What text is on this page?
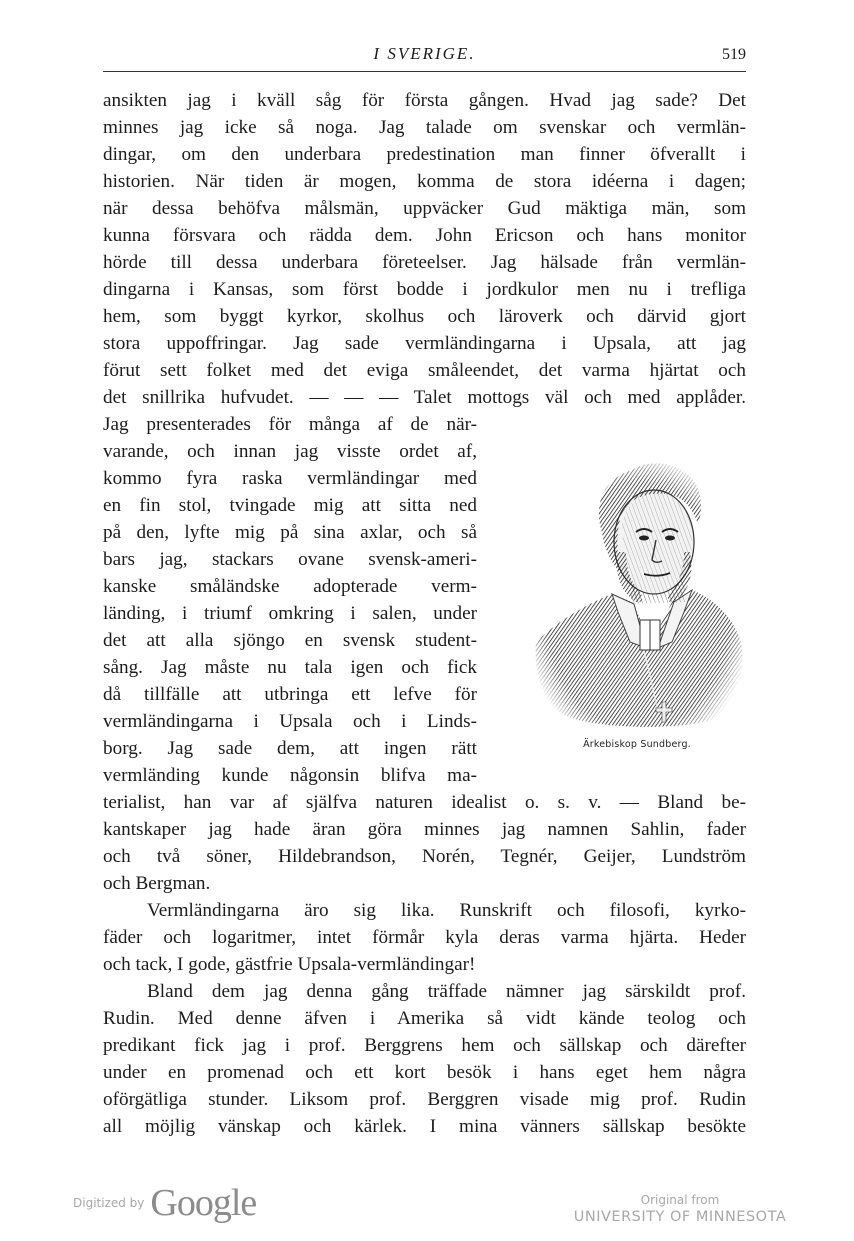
I SVERIGE.	519
ansikten jag i kväll såg för första gången. Hvad jag sade? Det
minnes jag icke så noga. Jag talade om svenskar och vermlän-
dingar, om den underbara predestination man finner öfverallt i
historien. När tiden är mogen, komma de stora idéerna i dagen;
när dessa behöfva målsmän, uppväcker Gud mäktiga män, som
kunna försvara och rädda dem. John Ericson och hans monitor
hörde till dessa underbara företeelser. Jag hälsade från vermlän-
dingarna i Kansas, som först bodde i jordkulor men nu i trefliga
hem, som byggt kyrkor, skolhus och läroverk och därvid gjort
stora uppoffringar. Jag sade vermländingarna i Upsala, att jag
förut sett folket med det eviga småleendet, det varma hjärtat och
det snillrika hufvudet. — — — Talet mottogs väl och med applåder.
Jag presenterades för många af de när-
varande, och innan jag visste ordet af,
kommo fyra raska vermländingar med
en fin stol, tvingade mig att sitta ned
på den, lyfte mig på sina axlar, och så
bars jag, stackars ovane svensk-ameri-
kanske småländske adopterade verm-
länding, i triumf omkring i salen, under
det att alla sjöngo en svensk student-
sång. Jag måste nu tala igen och fick
då tillfälle att utbringa ett lefve för
vermländingarna i Upsala och i Linds-
borg. Jag sade dem, att ingen rätt
vermländing kunde någonsin blifva ma-
terialist, han var af själfva naturen idealist o. s. v. — Bland be-
kantskaper jag hade äran göra minnes jag namnen Sahlin, fader
och två söner, Hildebrandson, Norén, Tegnér, Geijer, Lundström
och Bergman.
Vermländingarna äro sig lika. Runskrift och filosofi, kyrko-
fäder och logaritmer, intet förmår kyla deras varma hjärta. Heder
och tack, I gode, gästfrie Upsala-vermländingar!
Bland dem jag denna gång träffade nämner jag särskildt prof.
Rudin. Med denne äfven i Amerika så vidt kände teolog och
predikant fick jag i prof. Berggrens hem och sällskap och därefter
under en promenad och ett kort besök i hans eget hem några
oförgätliga stunder. Liksom prof. Berggren visade mig prof. Rudin
all möjlig vänskap och kärlek. I mina vänners sällskap besökte
Ärkebiskop Sundberg.
Digitized by Google	Original from
UNIVERSITY OF MINNESOTA
